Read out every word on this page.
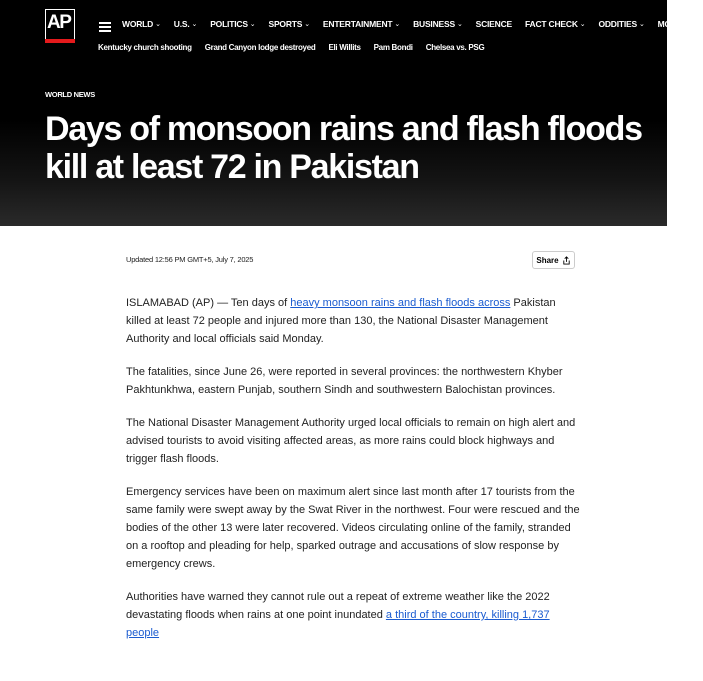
AP	WORLD ⌄ U.S. ⌄ POLITICS ⌄ SPORTS ⌄ ENTERTAINMENT ⌄ BUSINESS ⌄ SCIENCE FACT CHECK ⌄ ODDITIES ⌄ MORE ⌄
Kentucky church shooting Grand Canyon lodge destroyed Eli Willits Pam Bondi Chelsea vs. PSG
WORLD NEWS
Days of monsoon rains and flash floods kill at least 72 in Pakistan
Updated 12:56 PM GMT+5, July 7, 2025	Share

ISLAMABAD (AP) — Ten days of heavy monsoon rains and flash floods across Pakistan killed at least 72 people and injured more than 130, the National Disaster Management Authority and local officials said Monday.

The fatalities, since June 26, were reported in several provinces: the northwestern Khyber Pakhtunkhwa, eastern Punjab, southern Sindh and southwestern Balochistan provinces.

The National Disaster Management Authority urged local officials to remain on high alert and advised tourists to avoid visiting affected areas, as more rains could block highways and trigger flash floods.

Emergency services have been on maximum alert since last month after 17 tourists from the same family were swept away by the Swat River in the northwest. Four were rescued and the bodies of the other 13 were later recovered. Videos circulating online of the family, stranded on a rooftop and pleading for help, sparked outrage and accusations of slow response by emergency crews.

Authorities have warned they cannot rule out a repeat of extreme weather like the 2022 devastating floods when rains at one point inundated a third of the country, killing 1,737 people
